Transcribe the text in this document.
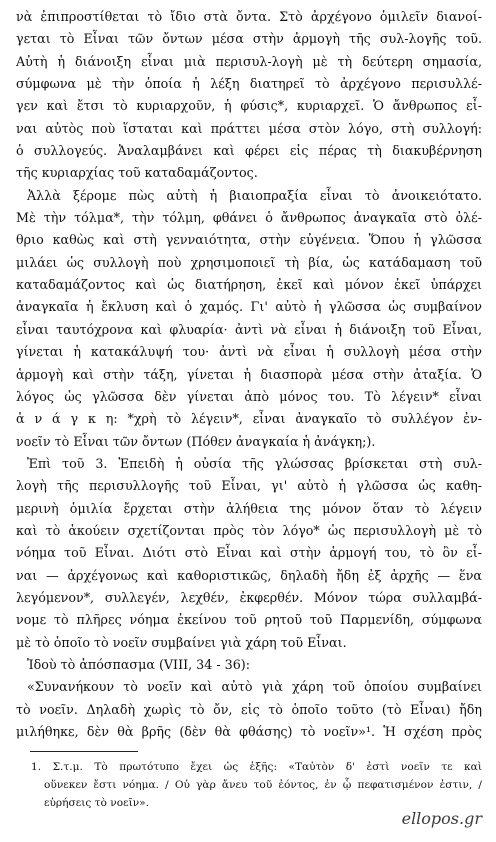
νὰ ἐπιπροστίθεται τὸ ἴδιο στὰ ὄντα. Στὸ ἀρχέγονο ὁμιλεῖν διανοί-
γεται τὸ Εἶναι τῶν ὄντων μέσα στὴν ἁρμογὴ τῆς συλ-λογῆς τοῦ.
Αὐτὴ ἡ διάνοιξη εἶναι μιὰ περισυλ-λογὴ μὲ τὴ δεύτερη σημασία,
σύμφωνα μὲ τὴν ὁποία ἡ λέξη διατηρεῖ τὸ ἀρχέγονο περισυλλέ-
γεν καὶ ἔτσι τὸ κυριαρχοῦν, ἡ φύσις*, κυριαρχεῖ. Ὁ ἄνθρωπος εἶ-
ναι αὐτὸς ποὺ ἵσταται καὶ πράττει μέσα στὸν λόγο, στὴ συλλογή:
ὁ συλλογεύς. Ἀναλαμβάνει καὶ φέρει εἰς πέρας τὴ διακυβέρνηση
τῆς κυριαρχίας τοῦ καταδαμάζοντος.
Ἀλλὰ ξέρομε πὼς αὐτὴ ἡ βιαιοπραξία εἶναι τὸ ἀνοικειότατο.
Μὲ τὴν τόλμα*, τὴν τόλμη, φθάνει ὁ ἄνθρωπος ἀναγκαῖα στὸ ὀλέ-
θριο καθὼς καὶ στὴ γενναιότητα, στὴν εὐγένεια. Ὅπου ἡ γλῶσσα
μιλάει ὡς συλλογὴ ποὺ χρησιμοποιεῖ τὴ βία, ὡς κατάδαμαση τοῦ
καταδαμάζοντος καὶ ὡς διατήρηση, ἐκεῖ καὶ μόνον ἐκεῖ ὑπάρχει
ἀναγκαῖα ἡ ἔκλυση καὶ ὁ χαμός. Γι' αὐτὸ ἡ γλῶσσα ὡς συμβαίνον
εἶναι ταυτόχρονα καὶ φλυαρία· ἀντὶ νὰ εἶναι ἡ διάνοιξη τοῦ Εἶναι,
γίνεται ἡ κατακάλυψή του· ἀντὶ νὰ εἶναι ἡ συλλογὴ μέσα στὴν
ἁρμογὴ καὶ στὴν τάξη, γίνεται ἡ διασπορὰ μέσα στὴν ἀταξία. Ὁ
λόγος ὡς γλῶσσα δὲν γίνεται ἀπὸ μόνος του. Τὸ λέγειν* εἶναι
ἀ ν ά γ κ η: *χρὴ τὸ λέγειν*, εἶναι ἀναγκαῖο τὸ συλλέγον ἐν-
νοεῖν τὸ Εἶναι τῶν ὄντων (Πόθεν ἀναγκαία ἡ ἀνάγκη;).
Ἐπὶ τοῦ 3. Ἐπειδὴ ἡ οὐσία τῆς γλώσσας βρίσκεται στὴ συλ-
λογὴ τῆς περισυλλογῆς τοῦ Εἶναι, γι' αὐτὸ ἡ γλῶσσα ὡς καθη-
μερινὴ ὁμιλία ἔρχεται στὴν ἀλήθεια της μόνον ὅταν τὸ λέγειν
καὶ τὸ ἀκούειν σχετίζονται πρὸς τὸν λόγο* ὡς περισυλλογὴ μὲ τὸ
νόημα τοῦ Εἶναι. Διότι στὸ Εἶναι καὶ στὴν ἁρμογή του, τὸ ὂν εἶ-
ναι — ἀρχέγονως καὶ καθοριστικῶς, δηλαδὴ ἤδη ἐξ ἀρχῆς — ἕνα
λεγόμενον*, συλλεγέν, λεχθέν, ἐκφερθέν. Μόνον τώρα συλλαμβά-
νομε τὸ πλῆρες νόημα ἐκείνου τοῦ ρητοῦ τοῦ Παρμενίδη, σύμφωνα
μὲ τὸ ὁποῖο τὸ νοεῖν συμβαίνει γιὰ χάρη τοῦ Εἶναι.
Ἰδοὺ τὸ ἀπόσπασμα (VIII, 34 - 36):
«Συνανήκουν τὸ νοεῖν καὶ αὐτὸ γιὰ χάρη τοῦ ὁποίου συμβαίνει
τὸ νοεῖν. Δηλαδὴ χωρὶς τὸ ὄν, εἰς τὸ ὁποῖο τοῦτο (τὸ Εἶναι) ἤδη
μιλήθηκε, δὲν θὰ βρῆς (δὲν θὰ φθάσης) τὸ νοεῖν»¹. Ἡ σχέση πρὸς
1. Σ.τ.μ. Τὸ πρωτότυπο ἔχει ὡς ἑξῆς: «Ταὐτὸν δ' ἐστὶ νοεῖν τε καὶ
οὕνεκεν ἔστι νόημα. / Οὐ γὰρ ἄνευ τοῦ ἐόντος, ἐν ᾧ πεφατισμένον ἐστιν, /
εὑρήσεις τὸ νοεῖν».
ellopos.gr
